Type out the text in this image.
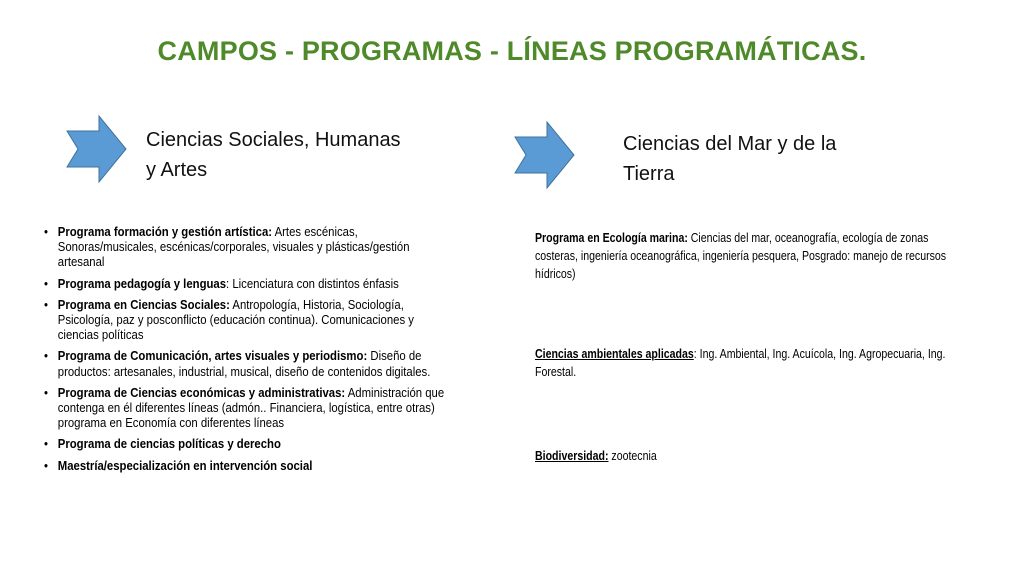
CAMPOS - PROGRAMAS - LÍNEAS PROGRAMÁTICAS.
Ciencias Sociales, Humanas
y Artes
Ciencias del Mar y de la
Tierra
• Programa formación y gestión artística: Artes escénicas, Sonoras/musicales, escénicas/corporales, visuales y plásticas/gestión artesanal
• Programa pedagogía y lenguas: Licenciatura con distintos énfasis
• Programa en Ciencias Sociales: Antropología, Historia, Sociología, Psicología, paz y posconflicto (educación continua). Comunicaciones y ciencias políticas
• Programa de Comunicación, artes visuales y periodismo: Diseño de productos: artesanales, industrial, musical, diseño de contenidos digitales.
• Programa de Ciencias económicas y administrativas: Administración que contenga en él diferentes líneas (admón.. Financiera, logística, entre otras) programa en Economía con diferentes líneas
• Programa de ciencias políticas y derecho
• Maestría/especialización en intervención social
Programa en Ecología marina: Ciencias del mar, oceanografía, ecología de zonas costeras, ingeniería oceanográfica, ingeniería pesquera, Posgrado: manejo de recursos hídricos)
Ciencias ambientales aplicadas: Ing. Ambiental, Ing. Acuícola, Ing. Agropecuaria, Ing. Forestal.
Biodiversidad: zootecnia
